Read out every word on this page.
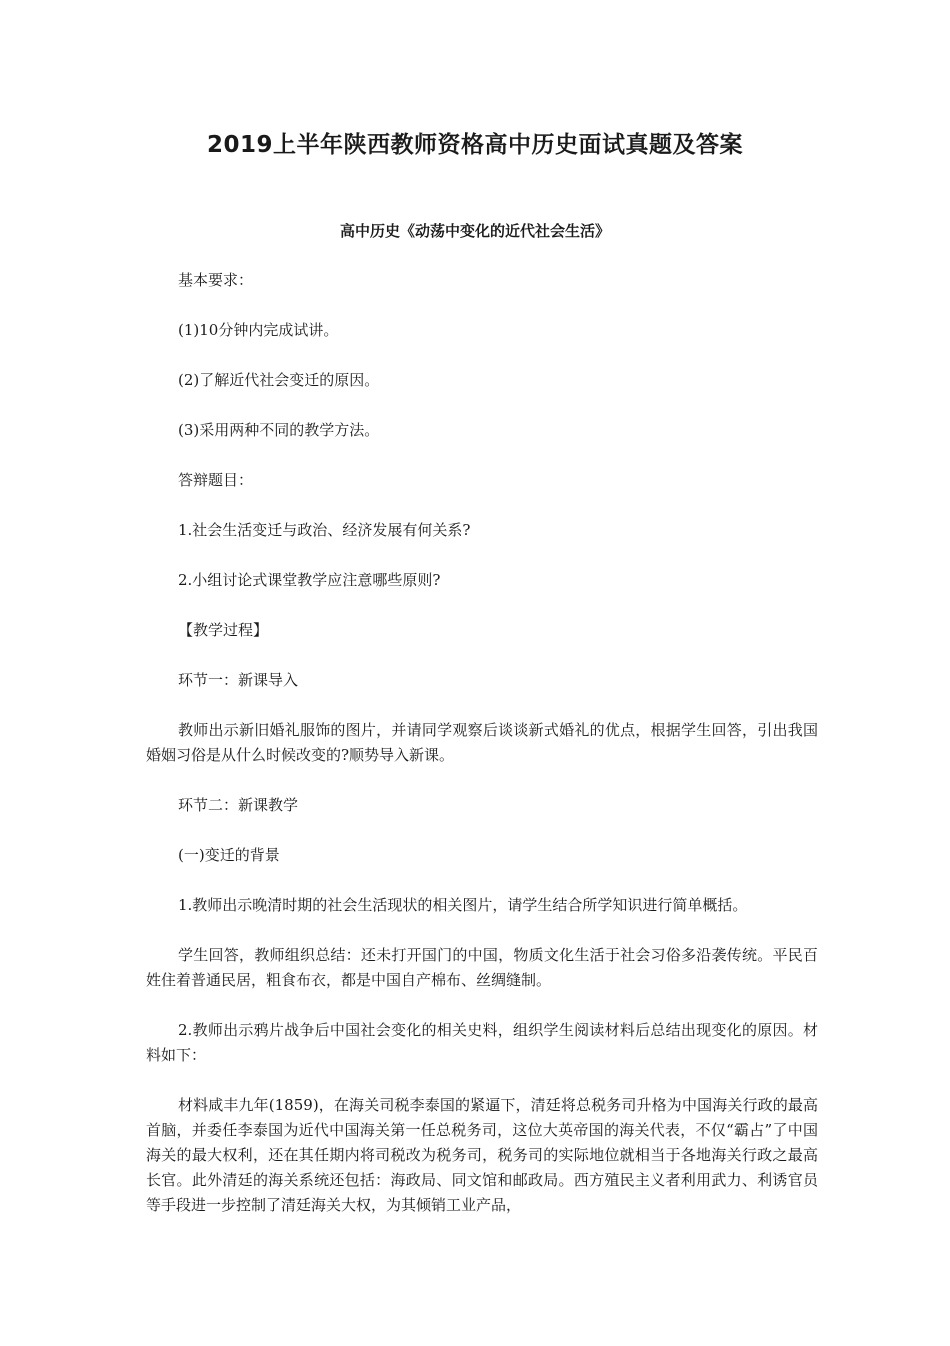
2019上半年陕西教师资格高中历史面试真题及答案
高中历史《动荡中变化的近代社会生活》
基本要求：
(1)10分钟内完成试讲。
(2)了解近代社会变迁的原因。
(3)采用两种不同的教学方法。
答辩题目：
1.社会生活变迁与政治、经济发展有何关系?
2.小组讨论式课堂教学应注意哪些原则?
【教学过程】
环节一：新课导入
教师出示新旧婚礼服饰的图片，并请同学观察后谈谈新式婚礼的优点，根据学生回答，引出我国婚姻习俗是从什么时候改变的?顺势导入新课。
环节二：新课教学
(一)变迁的背景
1.教师出示晚清时期的社会生活现状的相关图片，请学生结合所学知识进行简单概括。
学生回答，教师组织总结：还未打开国门的中国，物质文化生活于社会习俗多沿袭传统。平民百姓住着普通民居，粗食布衣，都是中国自产棉布、丝绸缝制。
2.教师出示鸦片战争后中国社会变化的相关史料，组织学生阅读材料后总结出现变化的原因。材料如下：
材料咸丰九年(1859)，在海关司税李泰国的紧逼下，清廷将总税务司升格为中国海关行政的最高首脑，并委任李泰国为近代中国海关第一任总税务司，这位大英帝国的海关代表，不仅“霸占”了中国海关的最大权利，还在其任期内将司税改为税务司，税务司的实际地位就相当于各地海关行政之最高长官。此外清廷的海关系统还包括：海政局、同文馆和邮政局。西方殖民主义者利用武力、利诱官员等手段进一步控制了清廷海关大权，为其倾销工业产品，
